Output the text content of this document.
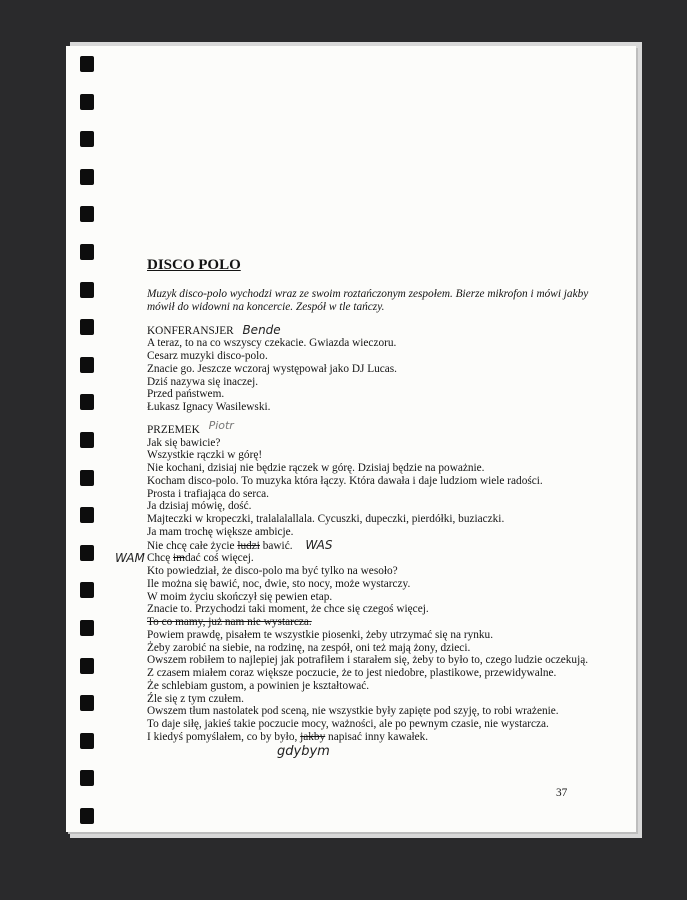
DISCO POLO
Muzyk disco-polo wychodzi wraz ze swoim roztańczonym zespołem. Bierze mikrofon i mówi jakby mówił do widowni na koncercie. Zespół w tle tańczy.
KONFERANSJER Bende
A teraz, to na co wszyscy czekacie. Gwiazda wieczoru.
Cesarz muzyki disco-polo.
Znacie go. Jeszcze wczoraj występował jako DJ Lucas.
Dziś nazywa się inaczej.
Przed państwem.
Łukasz Ignacy Wasilewski.
PRZEMEK Piotr
Jak się bawicie?
Wszystkie rączki w górę!
Nie kochani, dzisiaj nie będzie rączek w górę. Dzisiaj będzie na poważnie.
Kocham disco-polo. To muzyka która łączy. Która dawała i daje ludziom wiele radości.
Prosta i trafiająca do serca.
Ja dzisiaj mówię, dość.
Majteczki w kropeczki, tralalalallala. Cycuszki, dupeczki, pierdółki, buziaczki.
Ja mam trochę większe ambicje.
Nie chcę całe życie ludzi bawić. WAS
WAM Chcę imdać coś więcej.
Kto powiedział, że disco-polo ma być tylko na wesoło?
Ile można się bawić, noc, dwie, sto nocy, może wystarczy.
W moim życiu skończył się pewien etap.
Znacie to. Przychodzi taki moment, że chce się czegoś więcej.
To co mamy, już nam nie wystarcza.
Powiem prawdę, pisałem te wszystkie piosenki, żeby utrzymać się na rynku.
Żeby zarobić na siebie, na rodzinę, na zespół, oni też mają żony, dzieci.
Owszem robiłem to najlepiej jak potrafiłem i starałem się, żeby to było to, czego ludzie oczekują.
Z czasem miałem coraz większe poczucie, że to jest niedobre, plastikowe, przewidywalne.
Że schlebiam gustom, a powinien je kształtować.
Źle się z tym czułem.
Owszem tłum nastolatek pod sceną, nie wszystkie były zapięte pod szyję, to robi wrażenie.
To daje siłę, jakieś takie poczucie mocy, ważności, ale po pewnym czasie, nie wystarcza.
I kiedyś pomyślałem, co by było, jakby napisać inny kawałek.
gdybym
37
